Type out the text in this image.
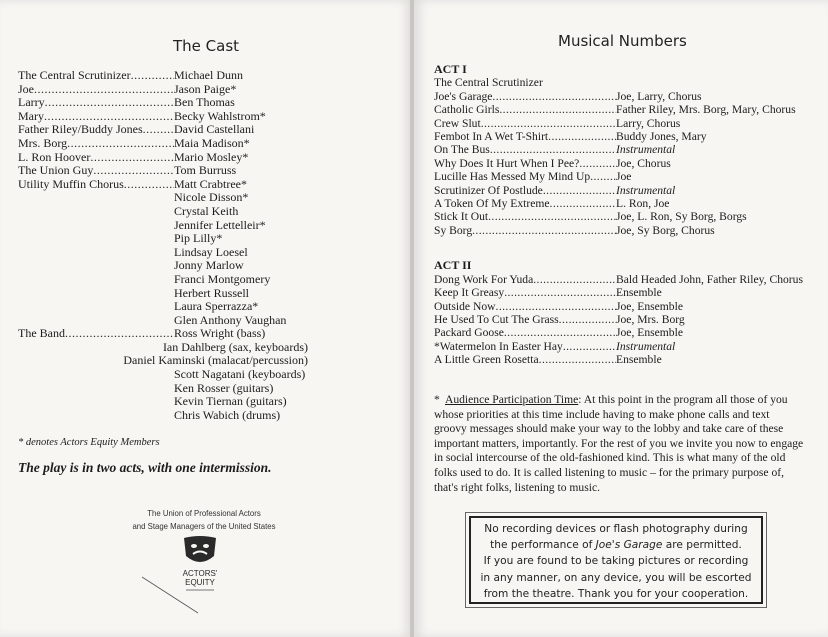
The Cast
The Central Scrutinizer .....	Michael Dunn
Joe .....	Jason Paige*
Larry .....	Ben Thomas
Mary .....	Becky Wahlstrom*
Father Riley/Buddy Jones .....	David Castellani
Mrs. Borg .....	Maia Madison*
L. Ron Hoover .....	Mario Mosley*
The Union Guy .....	Tom Burruss
Utility Muffin Chorus .....	Matt Crabtree*
Nicole Disson*
Crystal Keith
Jennifer Lettelleir*
Pip Lilly*
Lindsay Loesel
Jonny Marlow
Franci Montgomery
Herbert Russell
Laura Sperrazza*
Glen Anthony Vaughan
The Band .....	Ross Wright (bass)
Ian Dahlberg (sax, keyboards)
Daniel Kaminski (malacat/percussion)
Scott Nagatani (keyboards)
Ken Rosser (guitars)
Kevin Tiernan (guitars)
Chris Wabich (drums)
* denotes Actors Equity Members
The play is in two acts, with one intermission.
The Union of Professional Actors
and Stage Managers of the United States
ACTORS'
EQUITY
Musical Numbers
ACT I
The Central Scrutinizer
Joe's Garage .....	Joe, Larry, Chorus
Catholic Girls .....	Father Riley, Mrs. Borg, Mary, Chorus
Crew Slut .....	Larry, Chorus
Fembot In A Wet T-Shirt .....	Buddy Jones, Mary
On The Bus .....	Instrumental
Why Does It Hurt When I Pee? .....	Joe, Chorus
Lucille Has Messed My Mind Up ..... Joe
Scrutinizer Of Postlude .....	Instrumental
A Token Of My Extreme .....	L. Ron, Joe
Stick It Out .....	Joe, L. Ron, Sy Borg, Borgs
Sy Borg .....	Joe, Sy Borg, Chorus
ACT II
Dong Work For Yuda .....	Bald Headed John, Father Riley, Chorus
Keep It Greasy .....	Ensemble
Outside Now .....	Joe, Ensemble
He Used To Cut The Grass .....	Joe, Mrs. Borg
Packard Goose .....	Joe, Ensemble
*Watermelon In Easter Hay .....	Instrumental
A Little Green Rosetta .....	Ensemble
* Audience Participation Time: At this point in the program all those of you whose priorities at this time include having to make phone calls and text groovy messages should make your way to the lobby and take care of these important matters, importantly. For the rest of you we invite you now to engage in social intercourse of the old-fashioned kind. This is what many of the old folks used to do. It is called listening to music – for the primary purpose of, that's right folks, listening to music.
No recording devices or flash photography during
the performance of Joe's Garage are permitted.
If you are found to be taking pictures or recording
in any manner, on any device, you will be escorted
from the theatre. Thank you for your cooperation.
